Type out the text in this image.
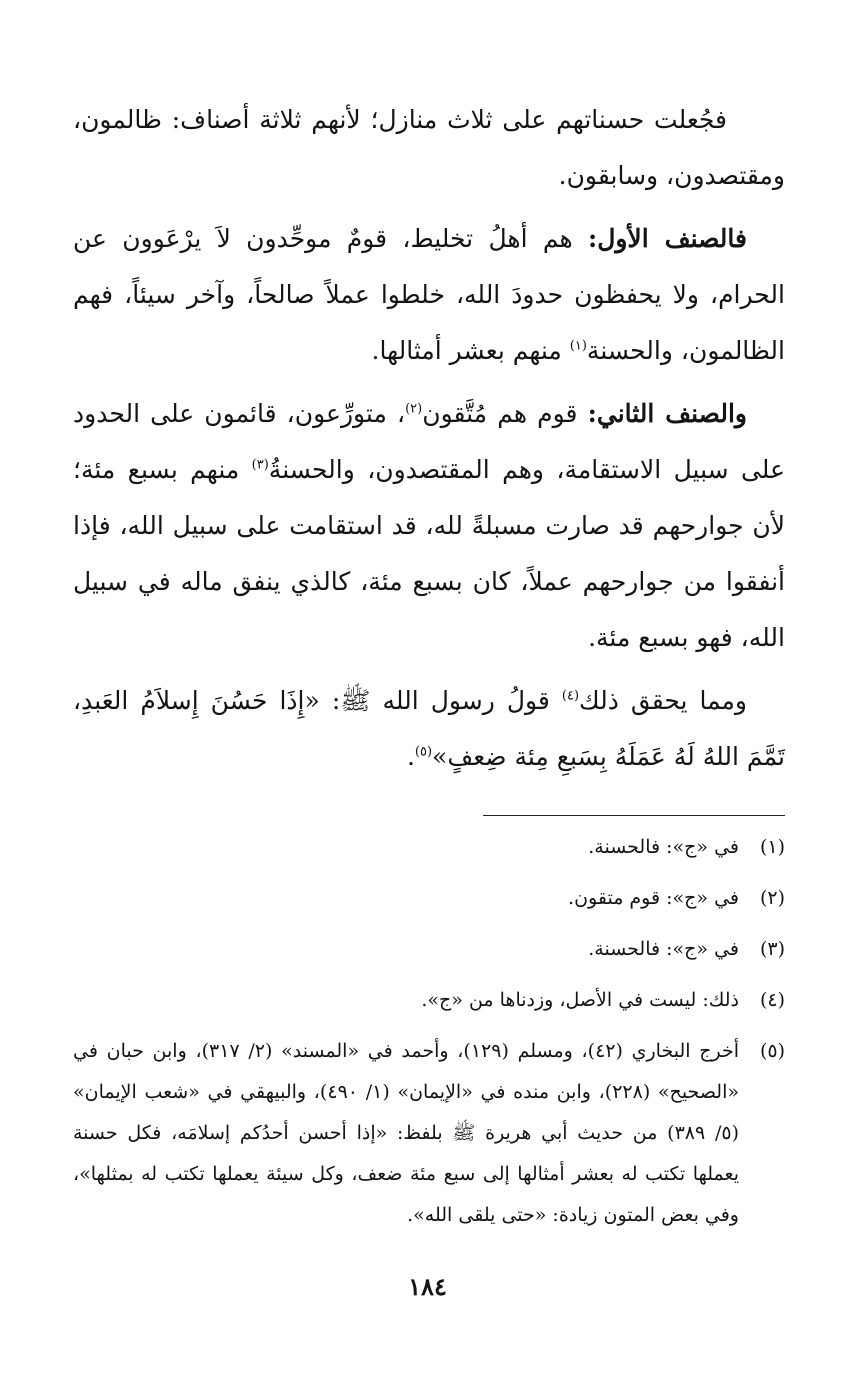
فجُعلت حسناتهم على ثلاث منازل؛ لأنهم ثلاثة أصناف: ظالمون، ومقتصدون، وسابقون.

فالصنف الأول: هم أهلُ تخليط، قومٌ موحِّدون لاَ يرْعَوون عن الحرام، ولا يحفظون حدودَ الله، خلطوا عملاً صالحاً، وآخر سيئاً، فهم الظالمون، والحسنة$^{(١)}$ منهم بعشر أمثالها.

والصنف الثاني: قوم هم مُتَّقون$^{(٢)}$، متورِّعون، قائمون على الحدود على سبيل الاستقامة، وهم المقتصدون، والحسنةُ$^{(٣)}$ منهم بسبع مئة؛ لأن جوارحهم قد صارت مسبلةً لله، قد استقامت على سبيل الله، فإذا أنفقوا من جوارحهم عملاً، كان بسبع مئة، كالذي ينفق ماله في سبيل الله، فهو بسبع مئة.

ومما يحقق ذلك$^{(٤)}$ قولُ رسول الله ﷺ: «إِذَا حَسُنَ إِسلاَمُ العَبدِ، تَمَّمَ اللهُ لَهُ عَمَلَهُ بِسَبعِ مِئة ضِعفٍ»$^{(٥)}$.

(١)
في «ج»: فالحسنة.
(٢)
في «ج»: قوم متقون.
(٣)
في «ج»: فالحسنة.
(٤)
ذلك: ليست في الأصل، وزدناها من «ج».
(٥)
أخرج البخاري (٤٢)، ومسلم (١٢٩)، وأحمد في «المسند» (٢/ ٣١٧)، وابن حبان في «الصحيح» (٢٢٨)، وابن منده في «الإيمان» (١/ ٤٩٠)، والبيهقي في «شعب الإيمان» (٥/ ٣٨٩) من حديث أبي هريرة ﷺ بلفظ: «إذا أحسن أحدُكم إسلامَه، فكل حسنة يعملها تكتب له بعشر أمثالها إلى سبع مئة ضعف، وكل سيئة يعملها تكتب له بمثلها»، وفي بعض المتون زيادة: «حتى يلقى الله».
١٨٤
